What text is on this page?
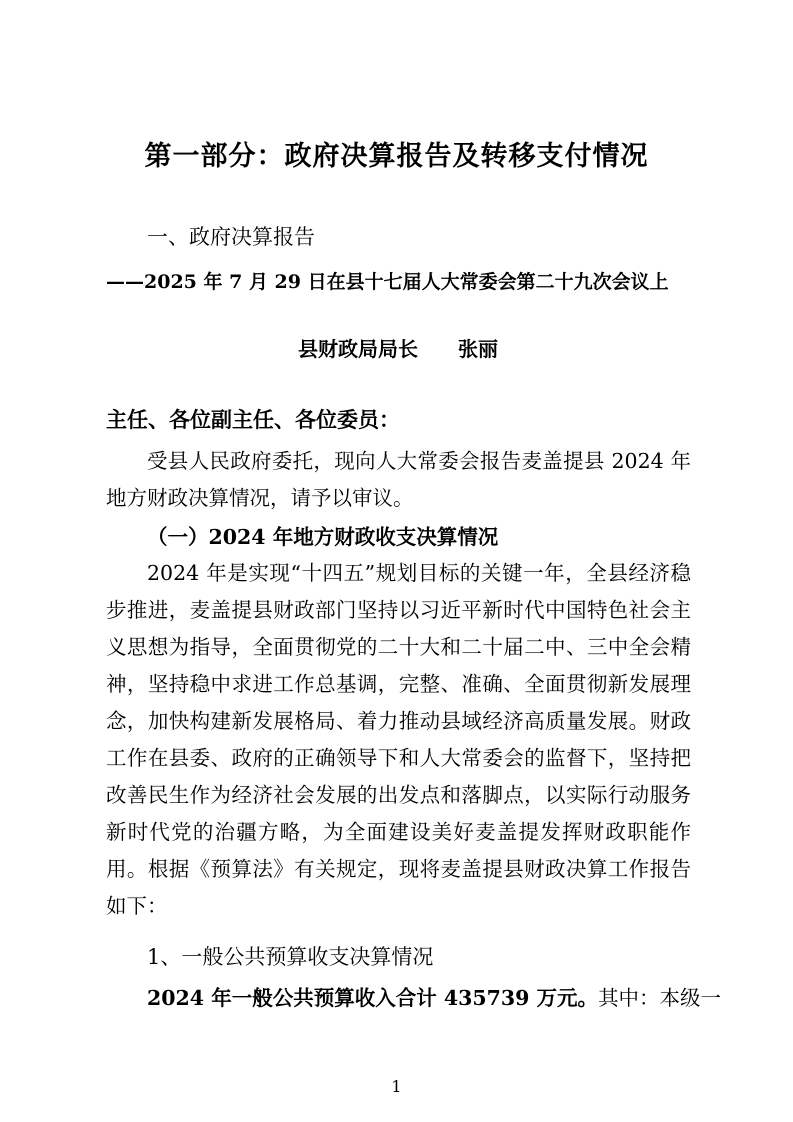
第一部分：政府决算报告及转移支付情况
一、政府决算报告
——2025 年 7 月 29 日在县十七届人大常委会第二十九次会议上
县财政局局长　　张丽
主任、各位副主任、各位委员：
受县人民政府委托，现向人大常委会报告麦盖提县 2024 年地方财政决算情况，请予以审议。
（一）2024 年地方财政收支决算情况
2024 年是实现“十四五”规划目标的关键一年，全县经济稳步推进，麦盖提县财政部门坚持以习近平新时代中国特色社会主义思想为指导，全面贯彻党的二十大和二十届二中、三中全会精神，坚持稳中求进工作总基调，完整、准确、全面贯彻新发展理念，加快构建新发展格局、着力推动县域经济高质量发展。财政工作在县委、政府的正确领导下和人大常委会的监督下，坚持把改善民生作为经济社会发展的出发点和落脚点，以实际行动服务新时代党的治疆方略，为全面建设美好麦盖提发挥财政职能作用。根据《预算法》有关规定，现将麦盖提县财政决算工作报告如下：
1、一般公共预算收支决算情况
2024 年一般公共预算收入合计 435739 万元。其中：本级一
1
